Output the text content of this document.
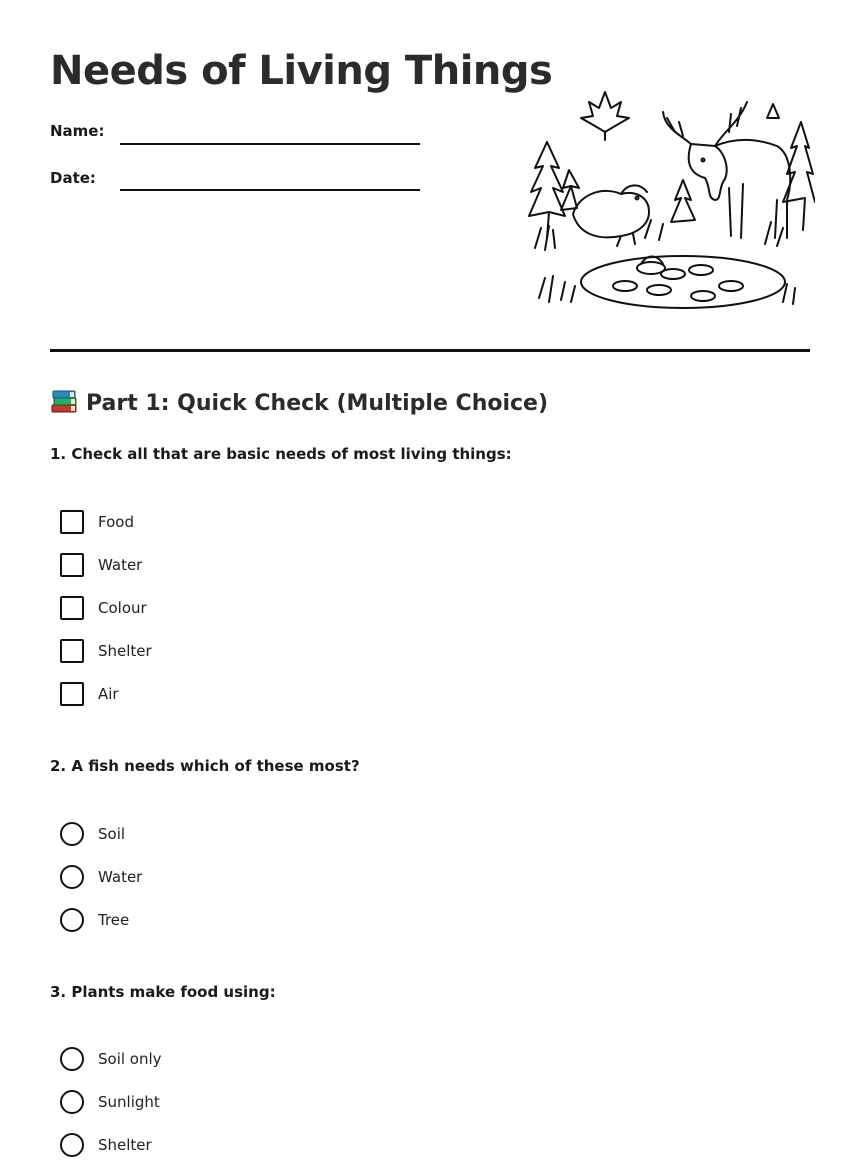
Needs of Living Things
Name:
Date:
Part 1: Quick Check (Multiple Choice)
1. Check all that are basic needs of most living things:
Food
Water
Colour
Shelter
Air
2. A fish needs which of these most?
Soil
Water
Tree
3. Plants make food using:
Soil only
Sunlight
Shelter
